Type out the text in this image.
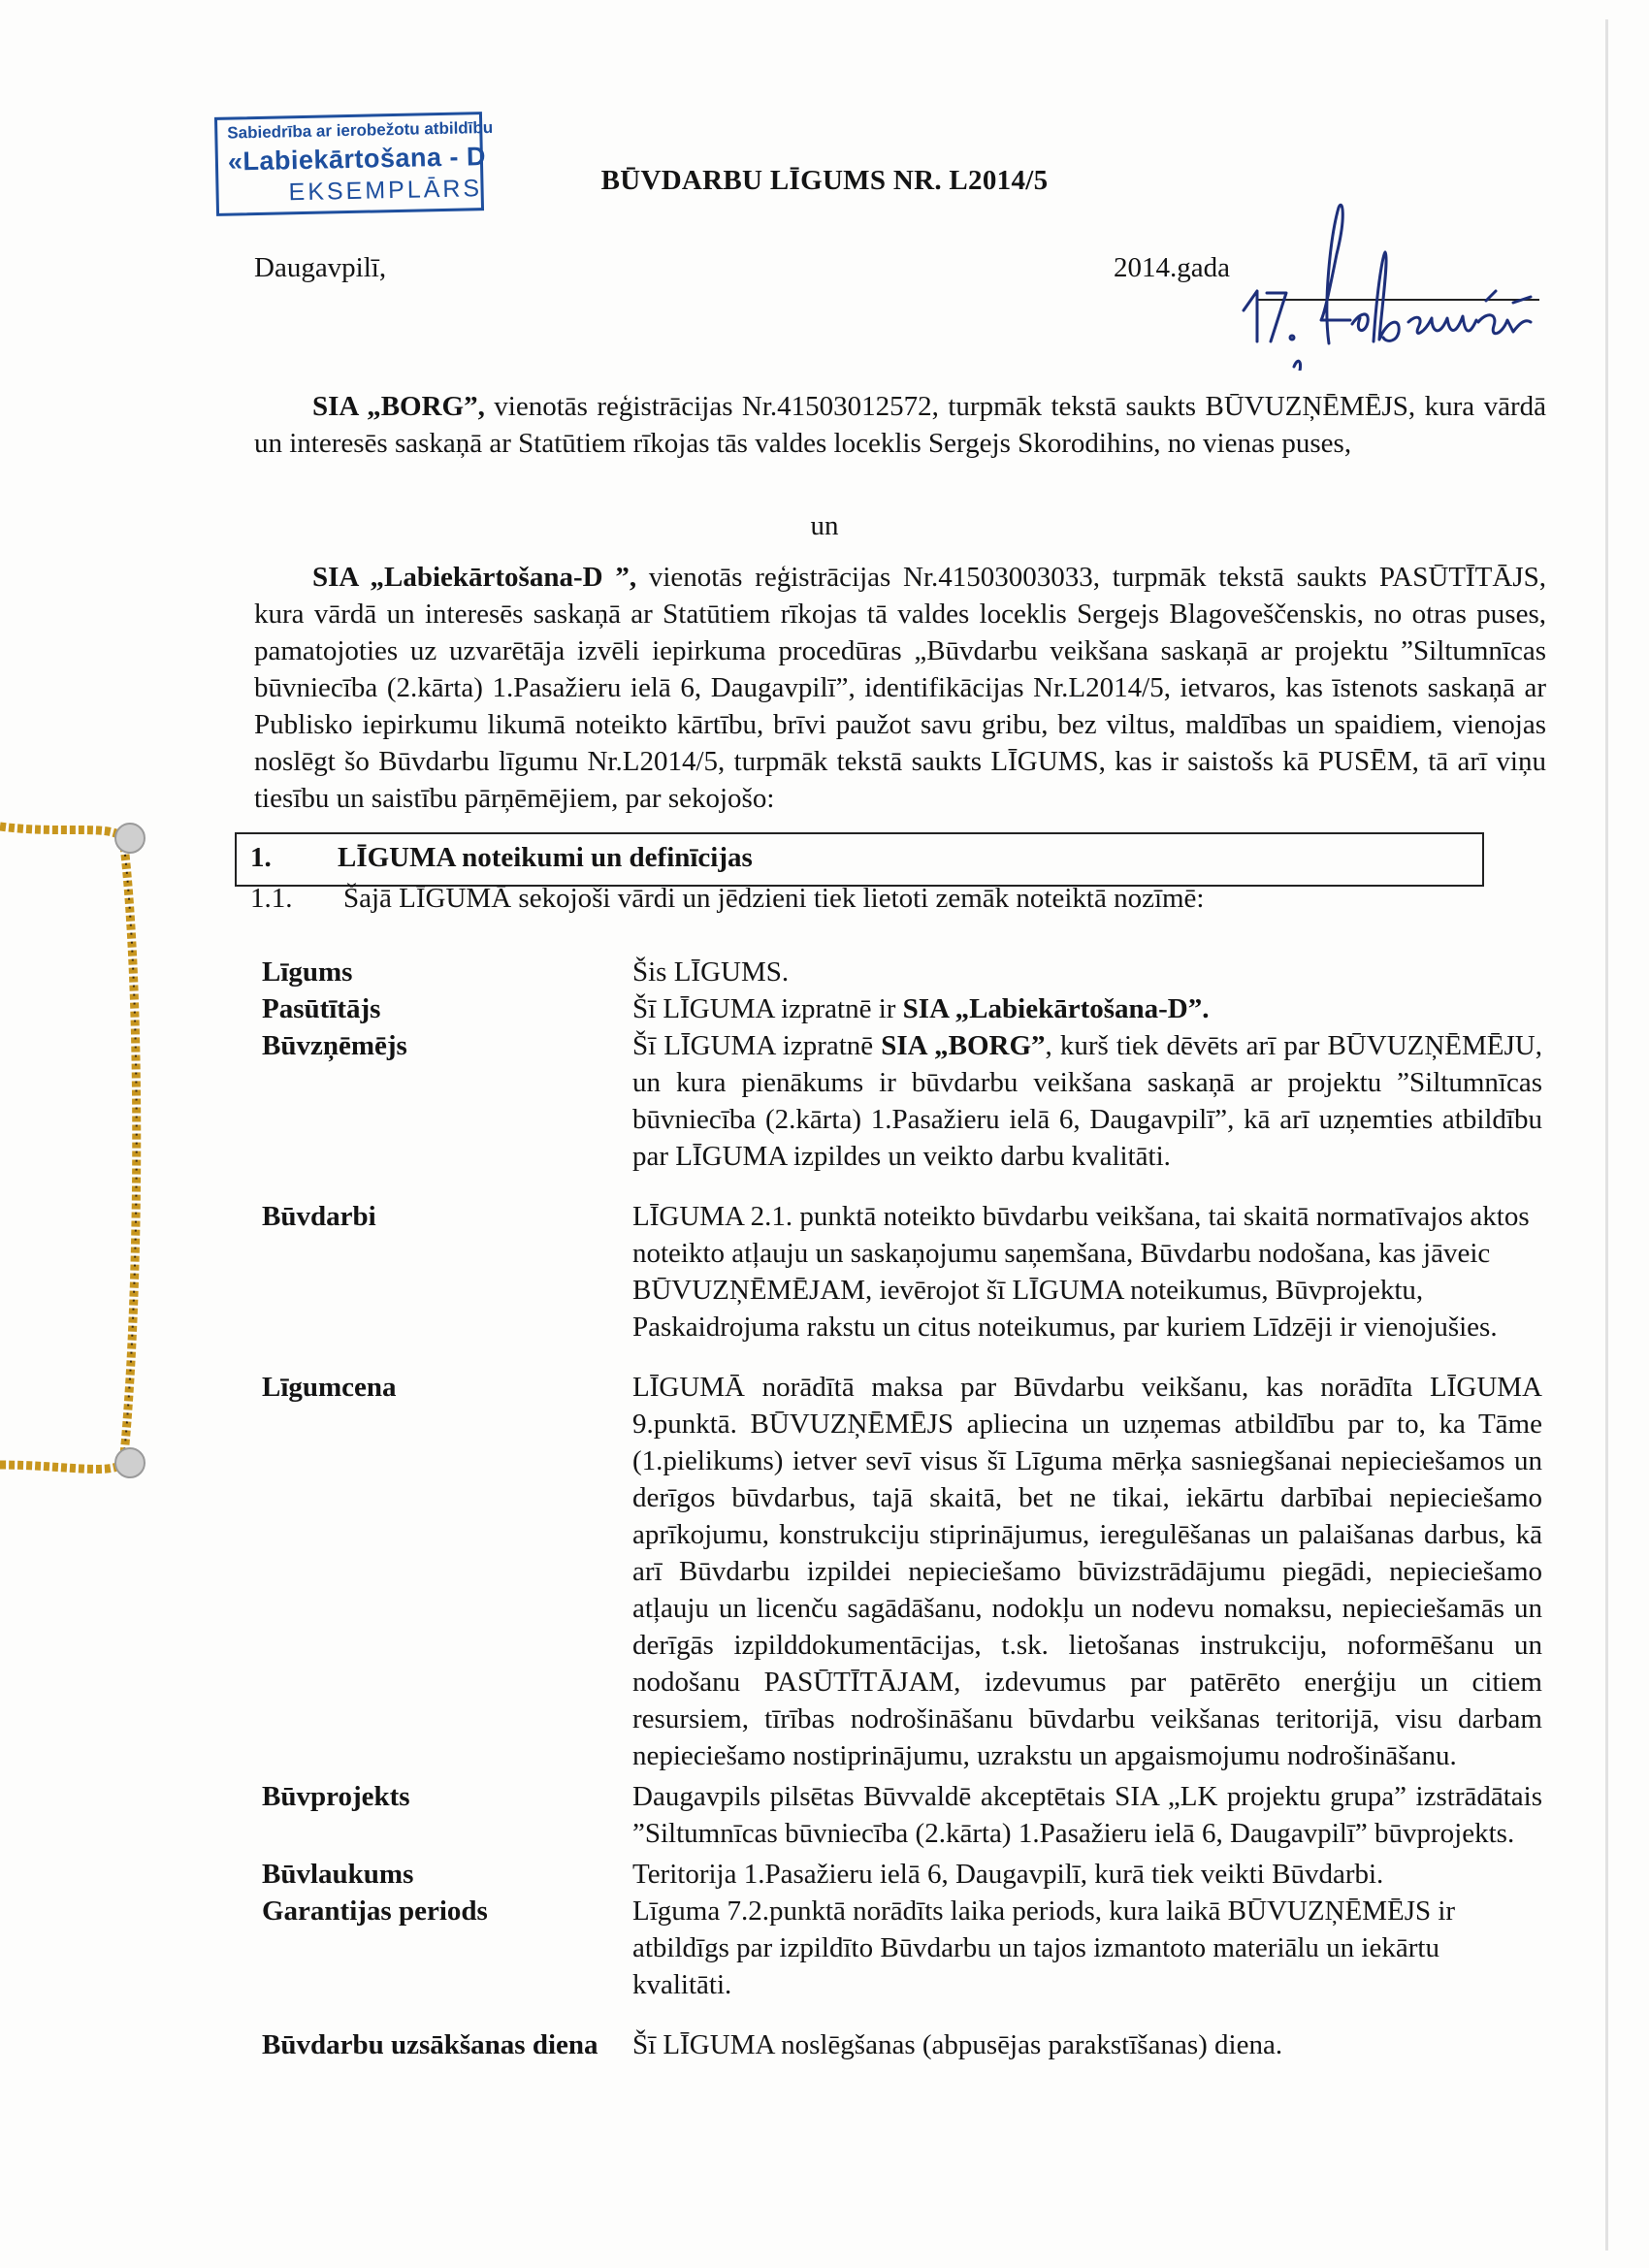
Sabiedrība ar ierobežotu atbildību
«Labiekārtošana - D
EKSEMPLĀRS	BŪVDARBU LĪGUMS NR. L2014/5
Daugavpilī,	2014.gada

SIA „BORG”, vienotās reģistrācijas Nr.41503012572, turpmāk tekstā saukts BŪVUZŅĒMĒJS, kura vārdā un interesēs saskaņā ar Statūtiem rīkojas tās valdes loceklis Sergejs Skorodihins, no vienas puses,

un

SIA „Labiekārtošana-D ”, vienotās reģistrācijas Nr.41503003033, turpmāk tekstā saukts PASŪTĪTĀJS, kura vārdā un interesēs saskaņā ar Statūtiem rīkojas tā valdes loceklis Sergejs Blagoveščenskis, no otras puses, pamatojoties uz uzvarētāja izvēli iepirkuma procedūras „Būvdarbu veikšana saskaņā ar projektu ”Siltumnīcas būvniecība (2.kārta) 1.Pasažieru ielā 6, Daugavpilī”, identifikācijas Nr.L2014/5, ietvaros, kas īstenots saskaņā ar Publisko iepirkumu likumā noteikto kārtību, brīvi paužot savu gribu, bez viltus, maldības un spaidiem, vienojas noslēgt šo Būvdarbu līgumu Nr.L2014/5, turpmāk tekstā saukts LĪGUMS, kas ir saistošs kā PUSĒM, tā arī viņu tiesību un saistību pārņēmējiem, par sekojošo:

1. LĪGUMA noteikumi un definīcijas
1.1. Šajā LĪGUMĀ sekojoši vārdi un jēdzieni tiek lietoti zemāk noteiktā nozīmē:
Līgums	Šis LĪGUMS.
Pasūtītājs	Šī LĪGUMA izpratnē ir SIA „Labiekārtošana-D”.
Būvzņēmējs	Šī LĪGUMA izpratnē SIA „BORG”, kurš tiek dēvēts arī par BŪVUZŅĒMĒJU, un kura pienākums ir būvdarbu veikšana saskaņā ar projektu ”Siltumnīcas būvniecība (2.kārta) 1.Pasažieru ielā 6, Daugavpilī”, kā arī uzņemties atbildību par LĪGUMA izpildes un veikto darbu kvalitāti.
Būvdarbi	LĪGUMA 2.1. punktā noteikto būvdarbu veikšana, tai skaitā normatīvajos aktos noteikto atļauju un saskaņojumu saņemšana, Būvdarbu nodošana, kas jāveic BŪVUZŅĒMĒJAM, ievērojot šī LĪGUMA noteikumus, Būvprojektu, Paskaidrojuma rakstu un citus noteikumus, par kuriem Līdzēji ir vienojušies.
Līgumcena	LĪGUMĀ norādītā maksa par Būvdarbu veikšanu, kas norādīta LĪGUMA 9.punktā. BŪVUZŅĒMĒJS apliecina un uzņemas atbildību par to, ka Tāme (1.pielikums) ietver sevī visus šī Līguma mērķa sasniegšanai nepieciešamos un derīgos būvdarbus, tajā skaitā, bet ne tikai, iekārtu darbībai nepieciešamo aprīkojumu, konstrukciju stiprinājumus, ieregulēšanas un palaišanas darbus, kā arī Būvdarbu izpildei nepieciešamo būvizstrādājumu piegādi, nepieciešamo atļauju un licenču sagādāšanu, nodokļu un nodevu nomaksu, nepieciešamās un derīgās izpilddokumentācijas, t.sk. lietošanas instrukciju, noformēšanu un nodošanu PASŪTĪTĀJAM, izdevumus par patērēto enerģiju un citiem resursiem, tīrības nodrošināšanu būvdarbu veikšanas teritorijā, visu darbam nepieciešamo nostiprinājumu, uzrakstu un apgaismojumu nodrošināšanu.
Būvprojekts	Daugavpils pilsētas Būvvaldē akceptētais SIA „LK projektu grupa” izstrādātais ”Siltumnīcas būvniecība (2.kārta) 1.Pasažieru ielā 6, Daugavpilī” būvprojekts.
Būvlaukums	Teritorija 1.Pasažieru ielā 6, Daugavpilī, kurā tiek veikti Būvdarbi.
Garantijas periods	Līguma 7.2.punktā norādīts laika periods, kura laikā BŪVUZŅĒMĒJS ir atbildīgs par izpildīto Būvdarbu un tajos izmantoto materiālu un iekārtu kvalitāti.
Būvdarbu uzsākšanas diena	Šī LĪGUMA noslēgšanas (abpusējas parakstīšanas) diena.
